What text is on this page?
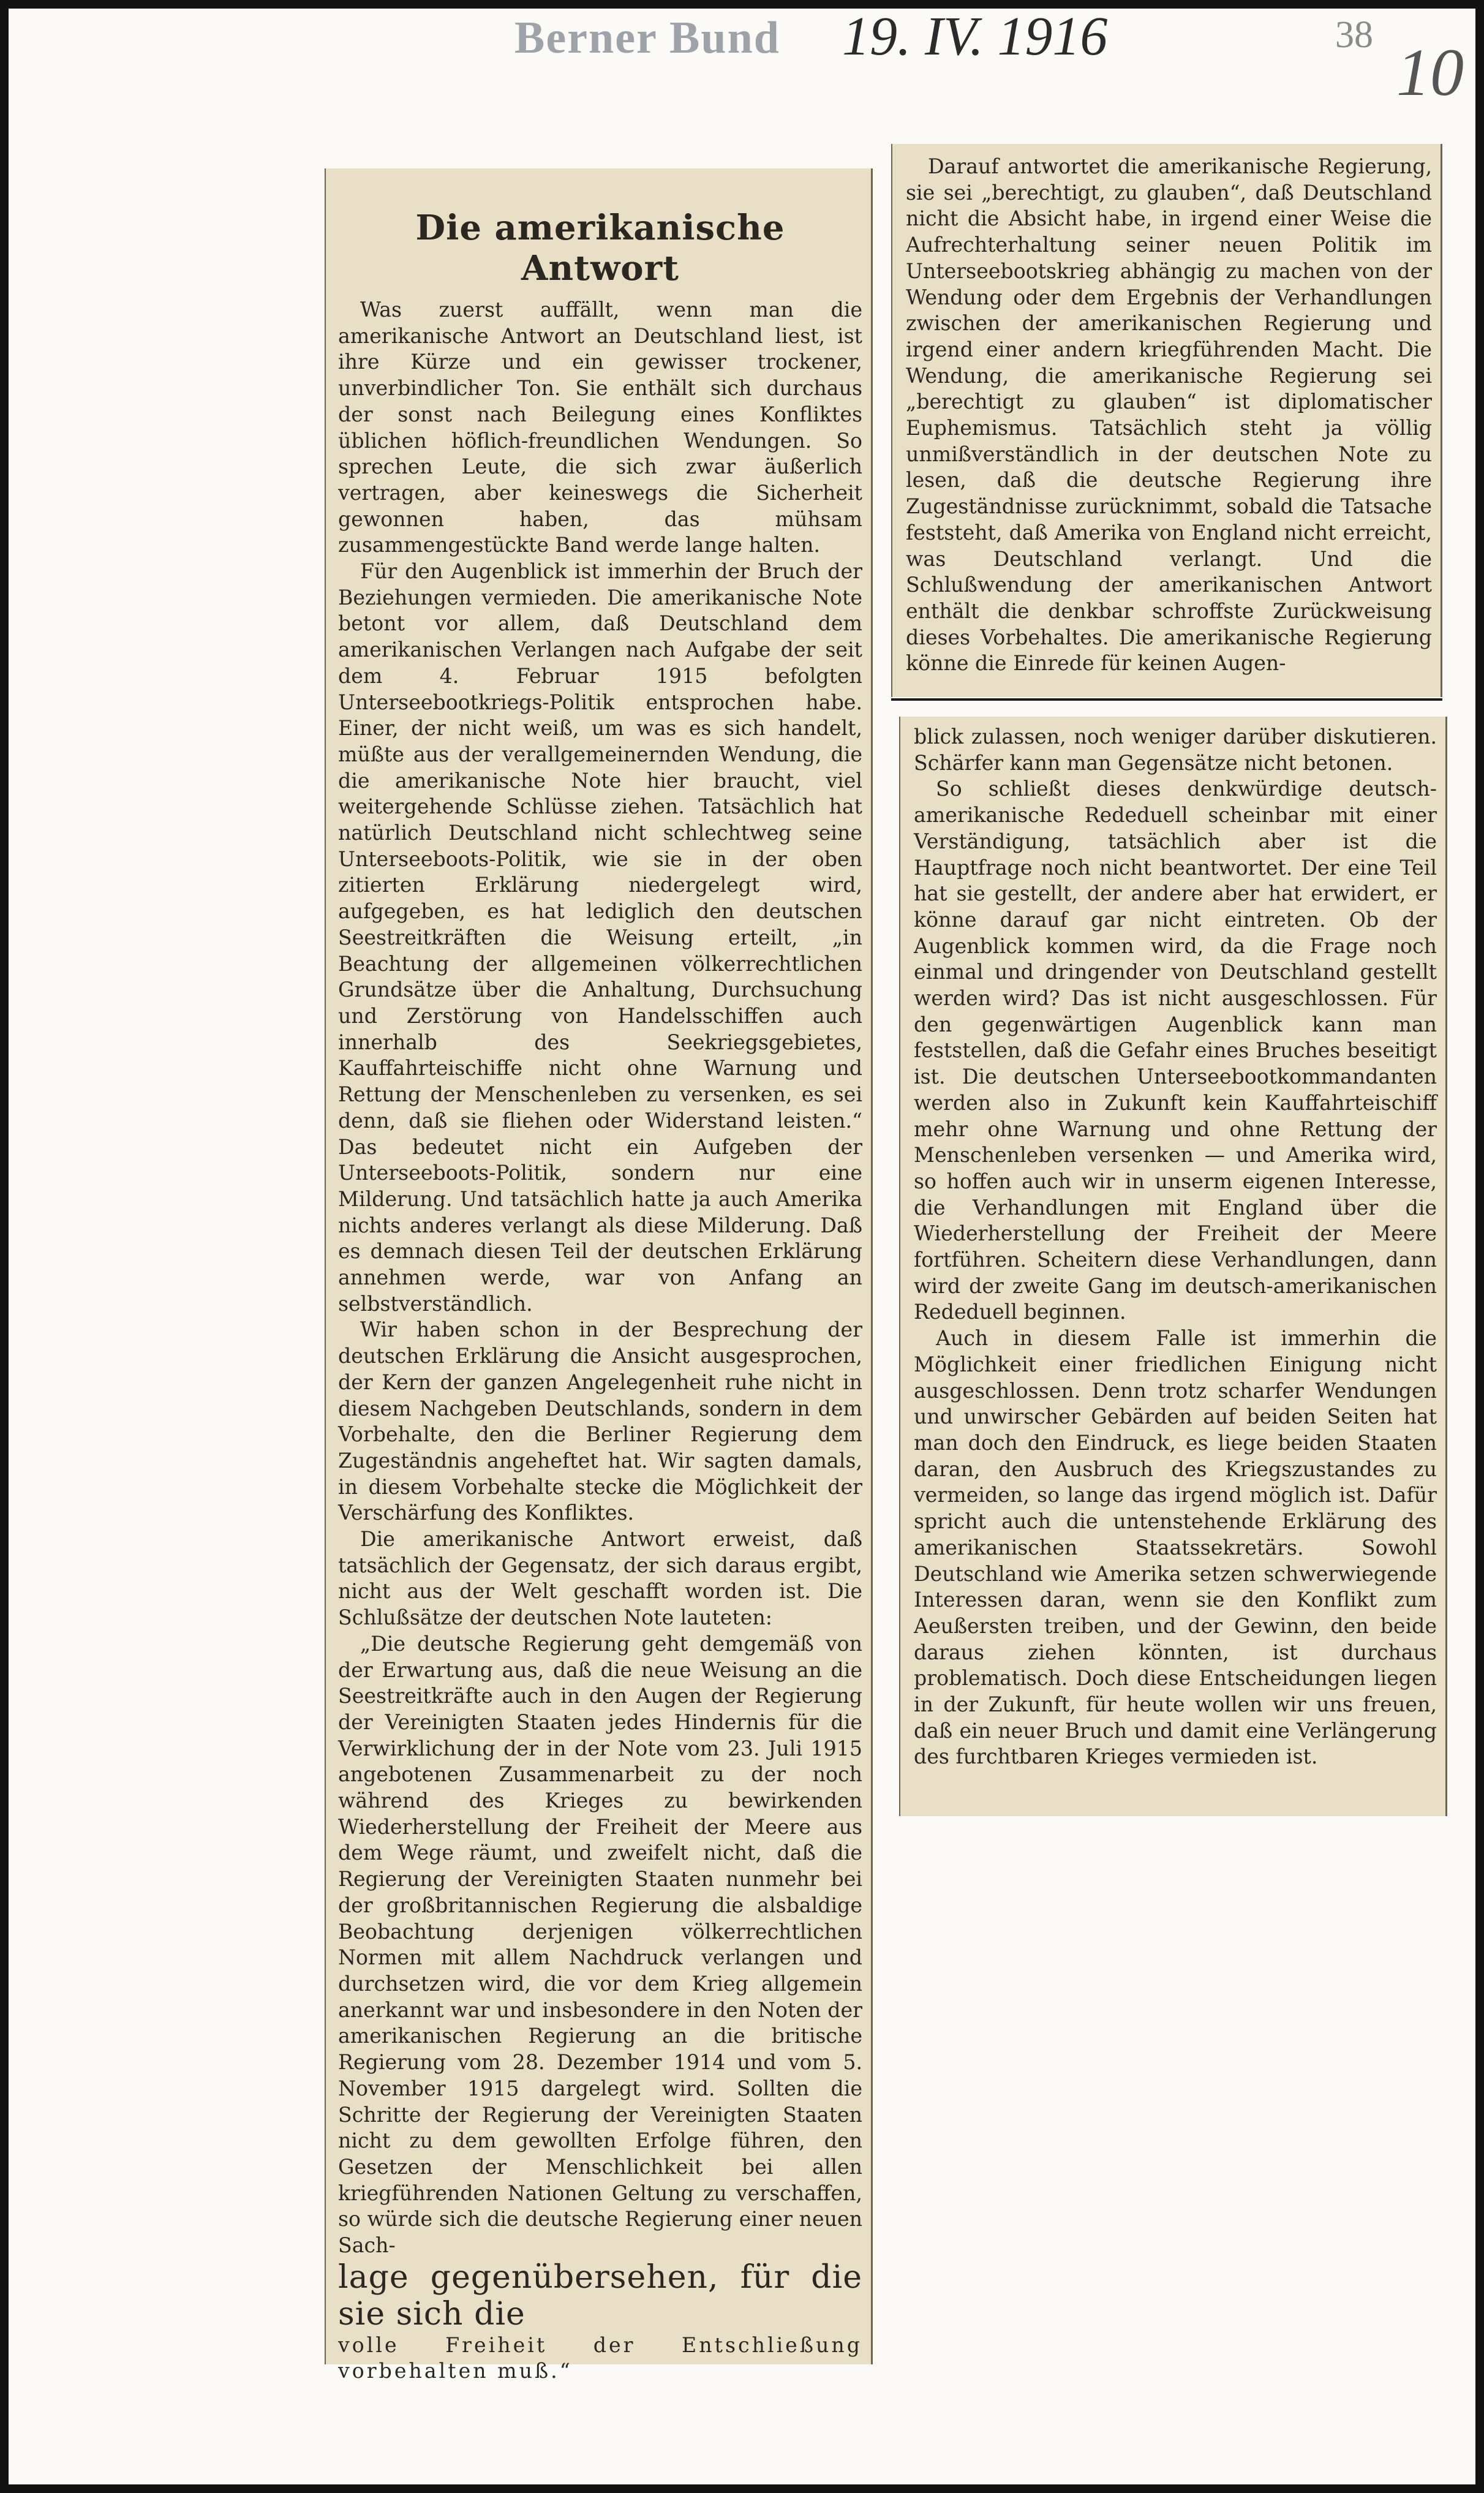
Berner Bund 19. IV. 1916	38 10
Die amerikanische Antwort

Was zuerst auffällt, wenn man die amerikanische Antwort an Deutschland liest, ist ihre Kürze und ein gewisser trockener, unverbindlicher Ton. Sie enthält sich durchaus der sonst nach Beilegung eines Konfliktes üblichen höflich-freundlichen Wendungen. So sprechen Leute, die sich zwar äußerlich vertragen, aber keineswegs die Sicherheit gewonnen haben, das mühsam zusammengestückte Band werde lange halten.

Für den Augenblick ist immerhin der Bruch der Beziehungen vermieden. Die amerikanische Note betont vor allem, daß Deutschland dem amerikanischen Verlangen nach Aufgabe der seit dem 4. Februar 1915 befolgten Unterseebootkriegs-Politik entsprochen habe. Einer, der nicht weiß, um was es sich handelt, müßte aus der verallgemeinernden Wendung, die die amerikanische Note hier braucht, viel weitergehende Schlüsse ziehen. Tatsächlich hat natürlich Deutschland nicht schlechtweg seine Unterseeboots-Politik, wie sie in der oben zitierten Erklärung niedergelegt wird, aufgegeben, es hat lediglich den deutschen Seestreitkräften die Weisung erteilt, „in Beachtung der allgemeinen völkerrechtlichen Grundsätze über die Anhaltung, Durchsuchung und Zerstörung von Handelsschiffen auch innerhalb des Seekriegsgebietes, Kauffahrteischiffe nicht ohne Warnung und Rettung der Menschenleben zu versenken, es sei denn, daß sie fliehen oder Widerstand leisten.“ Das bedeutet nicht ein Aufgeben der Unterseeboots-Politik, sondern nur eine Milderung. Und tatsächlich hatte ja auch Amerika nichts anderes verlangt als diese Milderung. Daß es demnach diesen Teil der deutschen Erklärung annehmen werde, war von Anfang an selbstverständlich.

Wir haben schon in der Besprechung der deutschen Erklärung die Ansicht ausgesprochen, der Kern der ganzen Angelegenheit ruhe nicht in diesem Nachgeben Deutschlands, sondern in dem Vorbehalte, den die Berliner Regierung dem Zugeständnis angeheftet hat. Wir sagten damals, in diesem Vorbehalte stecke die Möglichkeit der Verschärfung des Konfliktes.

Die amerikanische Antwort erweist, daß tatsächlich der Gegensatz, der sich daraus ergibt, nicht aus der Welt geschafft worden ist. Die Schlußsätze der deutschen Note lauteten:

„Die deutsche Regierung geht demgemäß von der Erwartung aus, daß die neue Weisung an die Seestreitkräfte auch in den Augen der Regierung der Vereinigten Staaten jedes Hindernis für die Verwirklichung der in der Note vom 23. Juli 1915 angebotenen Zusammenarbeit zu der noch während des Krieges zu bewirkenden Wiederherstellung der Freiheit der Meere aus dem Wege räumt, und zweifelt nicht, daß die Regierung der Vereinigten Staaten nunmehr bei der großbritannischen Regierung die alsbaldige Beobachtung derjenigen völkerrechtlichen Normen mit allem Nachdruck verlangen und durchsetzen wird, die vor dem Krieg allgemein anerkannt war und insbesondere in den Noten der amerikanischen Regierung an die britische Regierung vom 28. Dezember 1914 und vom 5. November 1915 dargelegt wird. Sollten die Schritte der Regierung der Vereinigten Staaten nicht zu dem gewollten Erfolge führen, den Gesetzen der Menschlichkeit bei allen kriegführenden Nationen Geltung zu verschaffen, so würde sich die deutsche Regierung einer neuen Sach-

lage gegenübersehen, für die sie sich die

volle Freiheit der Entschließung vorbehalten muß.“

Darauf antwortet die amerikanische Regierung, sie sei „berechtigt, zu glauben“, daß Deutschland nicht die Absicht habe, in irgend einer Weise die Aufrechterhaltung seiner neuen Politik im Unterseebootskrieg abhängig zu machen von der Wendung oder dem Ergebnis der Verhandlungen zwischen der amerikanischen Regierung und irgend einer andern kriegführenden Macht. Die Wendung, die amerikanische Regierung sei „berechtigt zu glauben“ ist diplomatischer Euphemismus. Tatsächlich steht ja völlig unmißverständlich in der deutschen Note zu lesen, daß die deutsche Regierung ihre Zugeständnisse zurücknimmt, sobald die Tatsache feststeht, daß Amerika von England nicht erreicht, was Deutschland verlangt. Und die Schlußwendung der amerikanischen Antwort enthält die denkbar schroffste Zurückweisung dieses Vorbehaltes. Die amerikanische Regierung könne die Einrede für keinen Augen-

blick zulassen, noch weniger darüber diskutieren. Schärfer kann man Gegensätze nicht betonen.

So schließt dieses denkwürdige deutsch-amerikanische Rededuell scheinbar mit einer Verständigung, tatsächlich aber ist die Hauptfrage noch nicht beantwortet. Der eine Teil hat sie gestellt, der andere aber hat erwidert, er könne darauf gar nicht eintreten. Ob der Augenblick kommen wird, da die Frage noch einmal und dringender von Deutschland gestellt werden wird? Das ist nicht ausgeschlossen. Für den gegenwärtigen Augenblick kann man feststellen, daß die Gefahr eines Bruches beseitigt ist. Die deutschen Unterseebootkommandanten werden also in Zukunft kein Kauffahrteischiff mehr ohne Warnung und ohne Rettung der Menschenleben versenken — und Amerika wird, so hoffen auch wir in unserm eigenen Interesse, die Verhandlungen mit England über die Wiederherstellung der Freiheit der Meere fortführen. Scheitern diese Verhandlungen, dann wird der zweite Gang im deutsch-amerikanischen Rededuell beginnen.

Auch in diesem Falle ist immerhin die Möglichkeit einer friedlichen Einigung nicht ausgeschlossen. Denn trotz scharfer Wendungen und unwirscher Gebärden auf beiden Seiten hat man doch den Eindruck, es liege beiden Staaten daran, den Ausbruch des Kriegszustandes zu vermeiden, so lange das irgend möglich ist. Dafür spricht auch die untenstehende Erklärung des amerikanischen Staatssekretärs. Sowohl Deutschland wie Amerika setzen schwerwiegende Interessen daran, wenn sie den Konflikt zum Aeußersten treiben, und der Gewinn, den beide daraus ziehen könnten, ist durchaus problematisch. Doch diese Entscheidungen liegen in der Zukunft, für heute wollen wir uns freuen, daß ein neuer Bruch und damit eine Verlängerung des furchtbaren Krieges vermieden ist.
